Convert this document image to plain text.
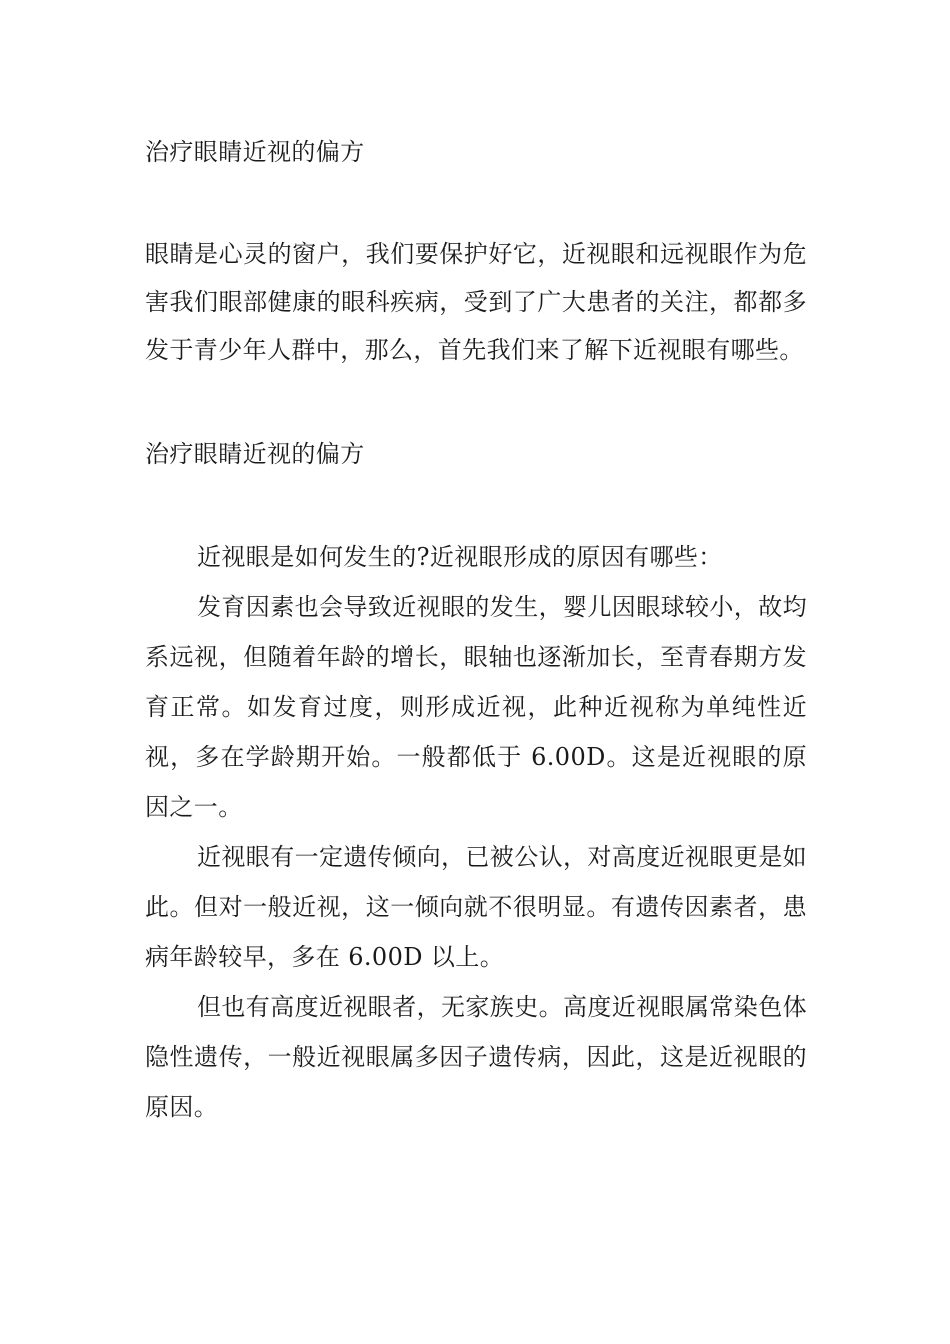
治疗眼睛近视的偏方

眼睛是心灵的窗户，我们要保护好它，近视眼和远视眼作为危害我们眼部健康的眼科疾病，受到了广大患者的关注，都都多发于青少年人群中，那么，首先我们来了解下近视眼有哪些。

治疗眼睛近视的偏方

近视眼是如何发生的?近视眼形成的原因有哪些：

发育因素也会导致近视眼的发生，婴儿因眼球较小，故均系远视，但随着年龄的增长，眼轴也逐渐加长，至青春期方发育正常。如发育过度，则形成近视，此种近视称为单纯性近视，多在学龄期开始。一般都低于 6.00D。这是近视眼的原因之一。

近视眼有一定遗传倾向，已被公认，对高度近视眼更是如此。但对一般近视，这一倾向就不很明显。有遗传因素者，患病年龄较早，多在 6.00D 以上。

但也有高度近视眼者，无家族史。高度近视眼属常染色体隐性遗传，一般近视眼属多因子遗传病，因此，这是近视眼的原因。
